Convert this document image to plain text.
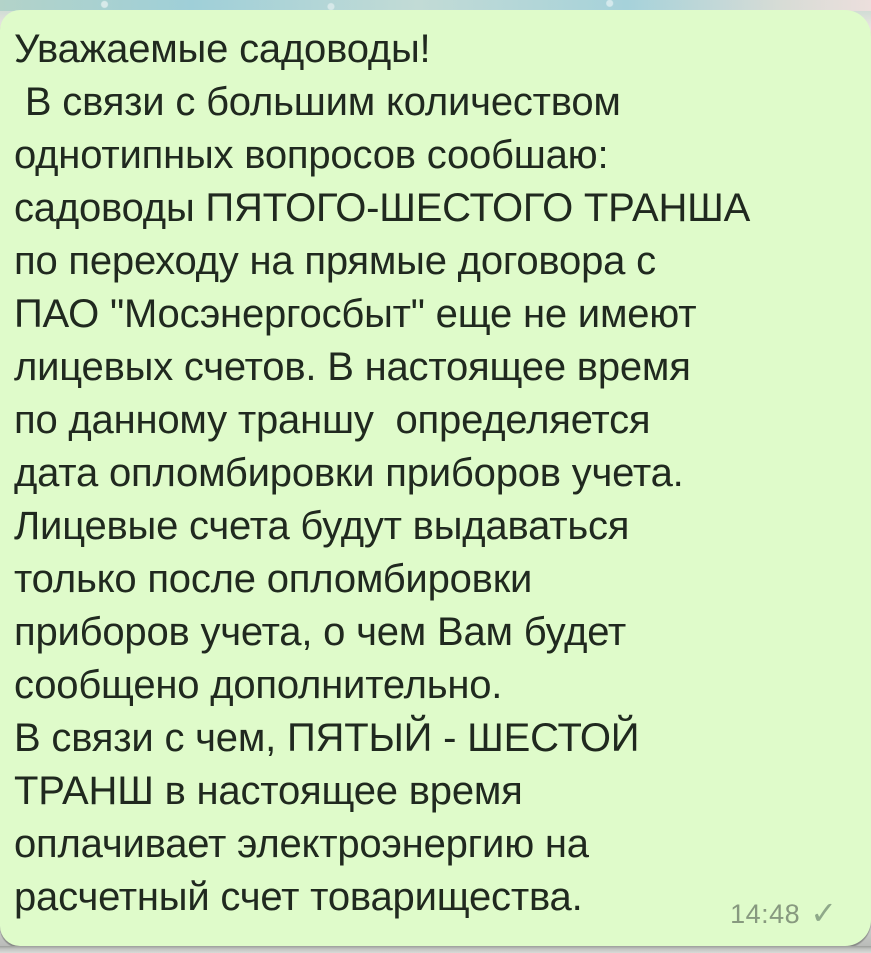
Уважаемые садоводы!
В связи с большим количеством
однотипных вопросов сообшаю:
садоводы ПЯТОГО-ШЕСТОГО ТРАНША
по переходу на прямые договора с
ПАО "Мосэнергосбыт" еще не имеют
лицевых счетов. В настоящее время
по данному траншу  определяется
дата опломбировки приборов учета.
Лицевые счета будут выдаваться
только после опломбировки
приборов учета, о чем Вам будет
сообщено дополнительно.
В связи с чем, ПЯТЫЙ - ШЕСТОЙ
ТРАНШ в настоящее время
оплачивает электроэнергию на
расчетный счет товарищества.	14:48 ✓
